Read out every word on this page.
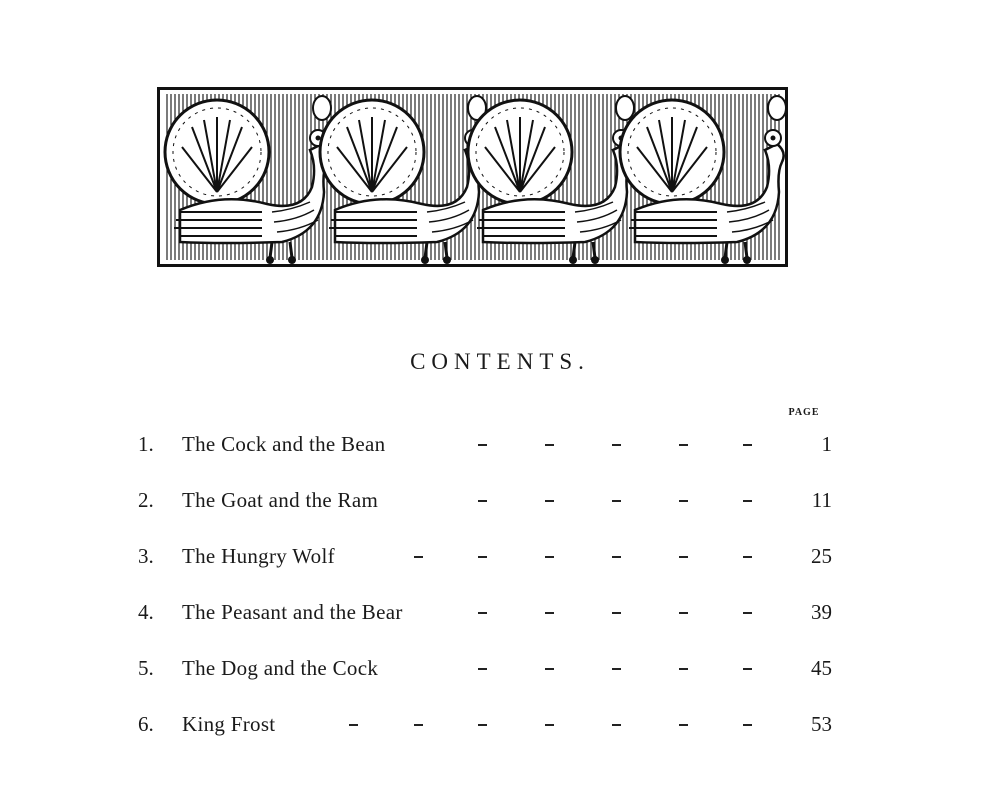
CONTENTS.
PAGE
1.	The Cock and the Bean	1
2.	The Goat and the Ram	11
3.	The Hungry Wolf	25
4.	The Peasant and the Bear	39
5.	The Dog and the Cock	45
6.	King Frost	53
